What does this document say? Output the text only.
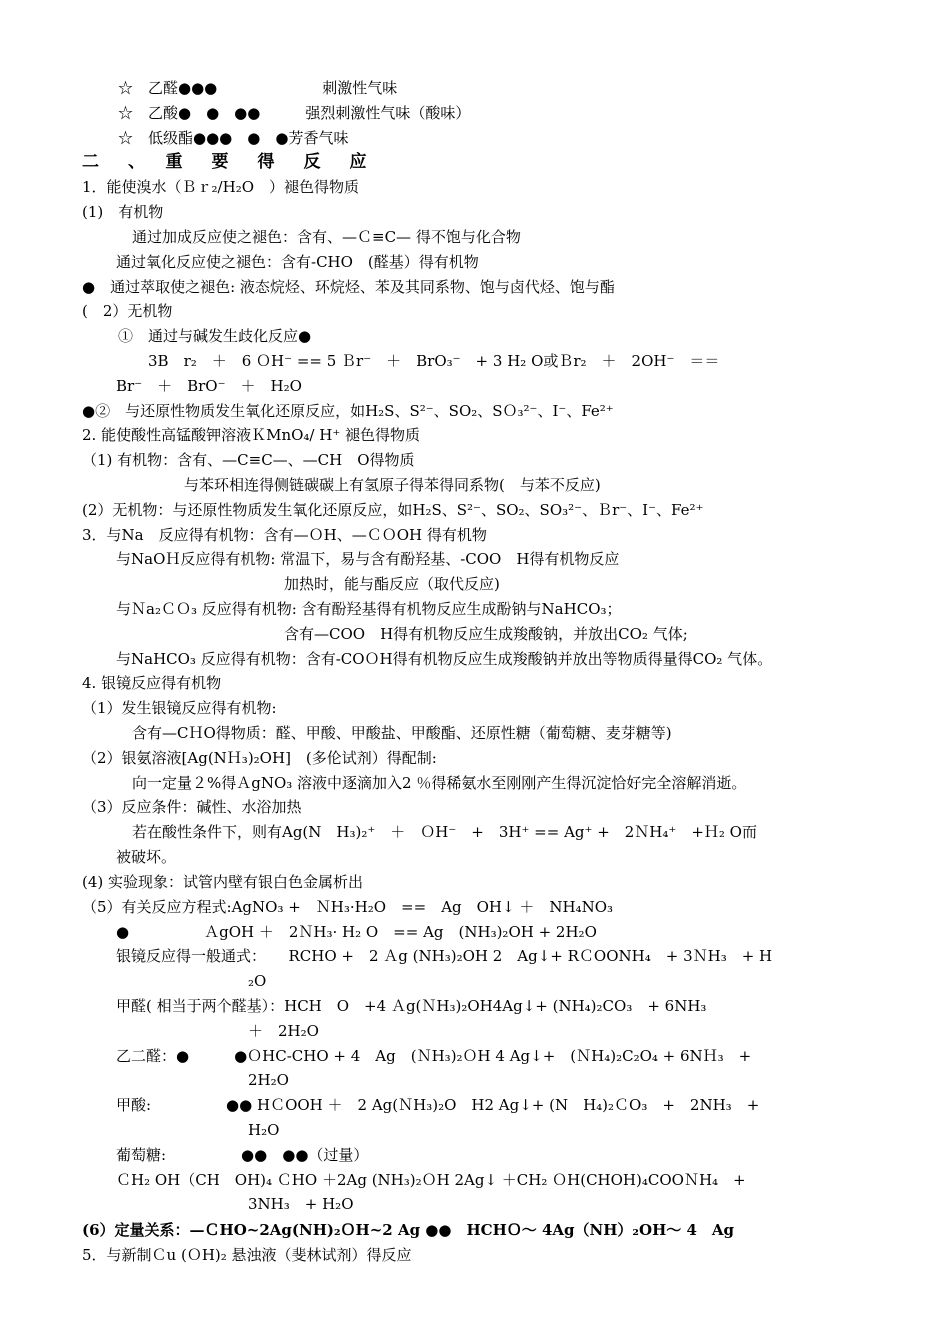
☆　乙醛●●●　　　　　　　刺激性气味
☆　乙酸●　●　●●　　　强烈刺激性气味（酸味）
☆　低级酯●●●　●　●芳香气味
二　、　重　要　得　反　应
1．能使溴水（Ｂｒ₂/H₂O　）褪色得物质
(1)　有机物
通过加成反应使之褪色：含有、—Ｃ≡C— 得不饱与化合物
通过氧化反应使之褪色：含有-CHO　(醛基）得有机物
●　通过萃取使之褪色: 液态烷烃、环烷烃、苯及其同系物、饱与卤代烃、饱与酯
(　2）无机物
①　通过与碱发生歧化反应●
3B　r₂　＋　6 ＯH⁻ == 5 Ｂr⁻　＋　BrO₃⁻　+ 3 H₂ O或Ｂr₂　＋　2OH⁻　＝＝
Br⁻　＋　BrO⁻　＋　H₂O
●②　与还原性物质发生氧化还原反应，如H₂S、S²⁻、SO₂、SＯ₃²⁻、I⁻、Fe²⁺
2. 能使酸性高锰酸钾溶液ＫMnO₄/ H⁺ 褪色得物质
（1) 有机物：含有、—C≡C—、—CH　O得物质
与苯环相连得侧链碳碳上有氢原子得苯得同系物(　与苯不反应)
(2）无机物：与还原性物质发生氧化还原反应，如H₂S、S²⁻、SO₂、SO₃²⁻、Ｂr⁻、I⁻、Fe²⁺
3．与Na　反应得有机物：含有—ＯH、—ＣＯOH 得有机物
与NaOＨ反应得有机物: 常温下，易与含有酚羟基、-COO　H得有机物反应
加热时，能与酯反应（取代反应)
与Ｎa₂ＣＯ₃ 反应得有机物: 含有酚羟基得有机物反应生成酚钠与NaHCO₃；
含有—COO　H得有机物反应生成羧酸钠，并放出CO₂ 气体;
与NaHCO₃ 反应得有机物：含有-COＯH得有机物反应生成羧酸钠并放出等物质得量得CO₂ 气体。
4. 银镜反应得有机物
（1）发生银镜反应得有机物:
含有—CＨO得物质：醛、甲酸、甲酸盐、甲酸酯、还原性糖（葡萄糖、麦芽糖等)
（2）银氨溶液[Ag(NＨ₃)₂OH]　(多伦试剂）得配制:
向一定量２%得ＡgNO₃ 溶液中逐滴加入2 ％得稀氨水至刚刚产生得沉淀恰好完全溶解消逝。
（3）反应条件：碱性、水浴加热
若在酸性条件下，则有Ag(N　H₃)₂⁺　＋　ＯH⁻　+　3H⁺ == Ag⁺ +　2ＮH₄⁺　+Ｈ₂ O而
被破坏。
(4) 实验现象：试管内壁有银白色金属析出
（5）有关反应方程式:AgNO₃ +　ＮH₃·H₂O　==　Ag　OH↓ ＋　NH₄NO₃
●　　　　　ＡgOH ＋　2ＮH₃· H₂ O　== Ag　(NH₃)₂OH + 2H₂O
银镜反应得一般通式：　　RCHO +　2 Ａg (NH₃)₂OH 2　Ag↓+ RＣOONH₄　+ 3ＮH₃　+ H
₂O
甲醛( 相当于两个醛基）：HCH　O　+4 Ａg(ＮH₃)₂OH4Ag↓+ (NH₄)₂CO₃　+ 6NH₃
＋　2H₂O
乙二醛：●　　　●ＯHC-CHO + 4　Ag　(ＮH₃)₂ＯH 4 Ag↓+　(ＮH₄)₂C₂O₄ + 6NＨ₃　+
2H₂O
甲酸:　　　　　●● HＣOOH ＋　2 Ag(ＮH₃)₂O　H2 Ag↓+ (N　H₄)₂ＣO₃　+　2NH₃　+
H₂O
葡萄糖:　　　　　●●　●●（过量）
ＣH₂ OH（CH　OH)₄ ＣHO ＋2Ag (NH₃)₂ＯH 2Ag↓ ＋CH₂ ＯH(CHOH)₄COOＮH₄　+
3NH₃　+ H₂O
(6）定量关系：—ＣHO~2Ag(NH)₂ＯH~2 Ag ●●　HCHＯ～ 4Ag（NH）₂OH～ 4　Ag
5．与新制Ｃu (ＯH)₂ 悬浊液（斐林试剂）得反应
